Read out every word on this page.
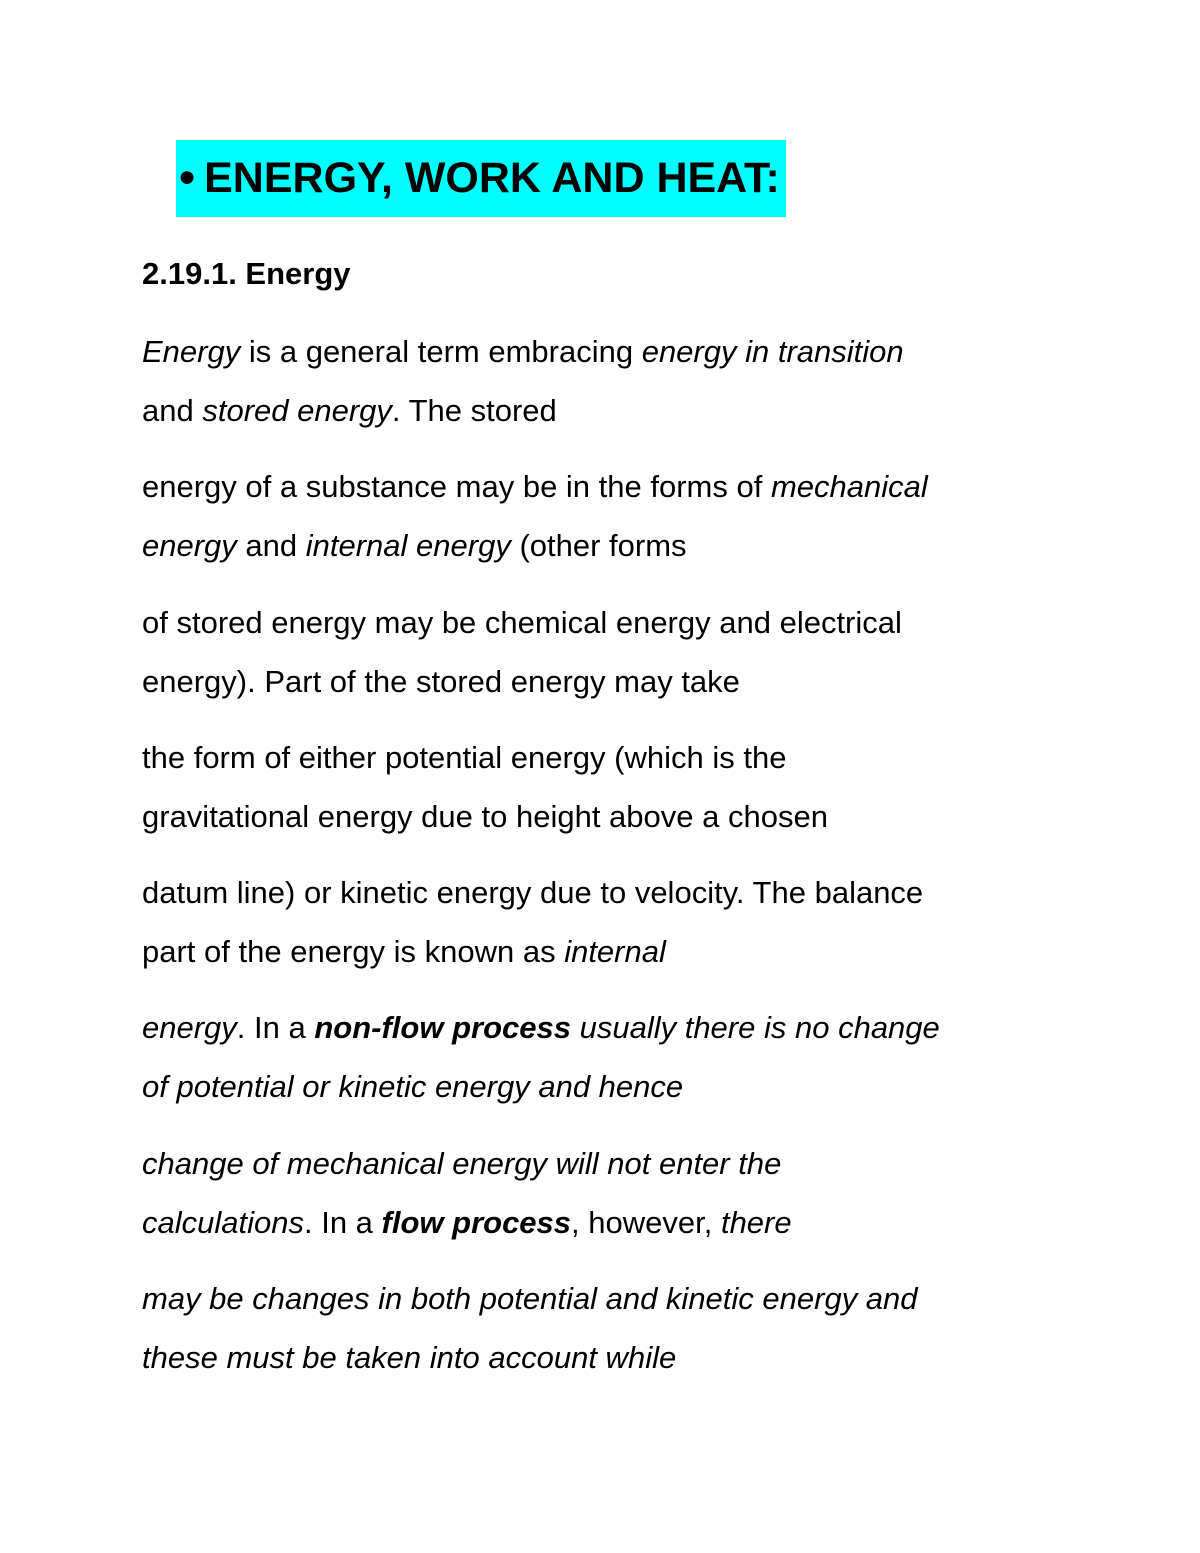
● ENERGY, WORK AND HEAT:
2.19.1. Energy
Energy is a general term embracing energy in transition
and stored energy. The stored
energy of a substance may be in the forms of mechanical
energy and internal energy (other forms
of stored energy may be chemical energy and electrical
energy). Part of the stored energy may take
the form of either potential energy (which is the
gravitational energy due to height above a chosen
datum line) or kinetic energy due to velocity. The balance
part of the energy is known as internal
energy. In a non-flow process usually there is no change
of potential or kinetic energy and hence
change of mechanical energy will not enter the
calculations. In a flow process, however, there
may be changes in both potential and kinetic energy and
these must be taken into account while
